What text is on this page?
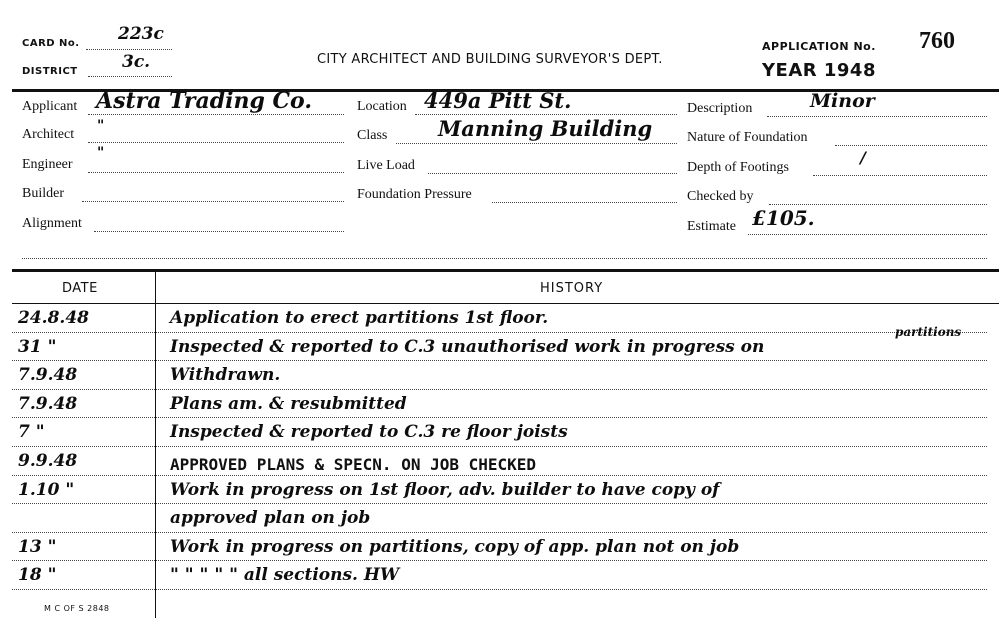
CARD No. 223c
DISTRICT	3c.	CITY ARCHITECT AND BUILDING SURVEYOR'S DEPT.
APPLICATION No. 760
YEAR 1948
Applicant Astra Trading Co.
Architect
"
Engineer
"
Builder
Alignment
Location 449a Pitt St.
Class Manning Building
Live Load
Foundation Pressure
Description	Minor
Nature of Foundation
Depth of Footings
/
Checked by
Estimate £105.
DATE	HISTORY
24.8.48	Application to erect partitions 1st floor.
31 "	Inspected & reported to C.3 unauthorised work in progress on
partitions
7.9.48	Withdrawn.
7.9.48	Plans am. & resubmitted
7 "	Inspected & reported to C.3 re floor joists
9.9.48	APPROVED PLANS & SPECN. ON JOB CHECKED
1.10 "	Work in progress on 1st floor, adv. builder to have copy of
approved plan on job
13 "	Work in progress on partitions, copy of app. plan not on job
18 "	" " " " " all sections. HW
M C OF S 2848
